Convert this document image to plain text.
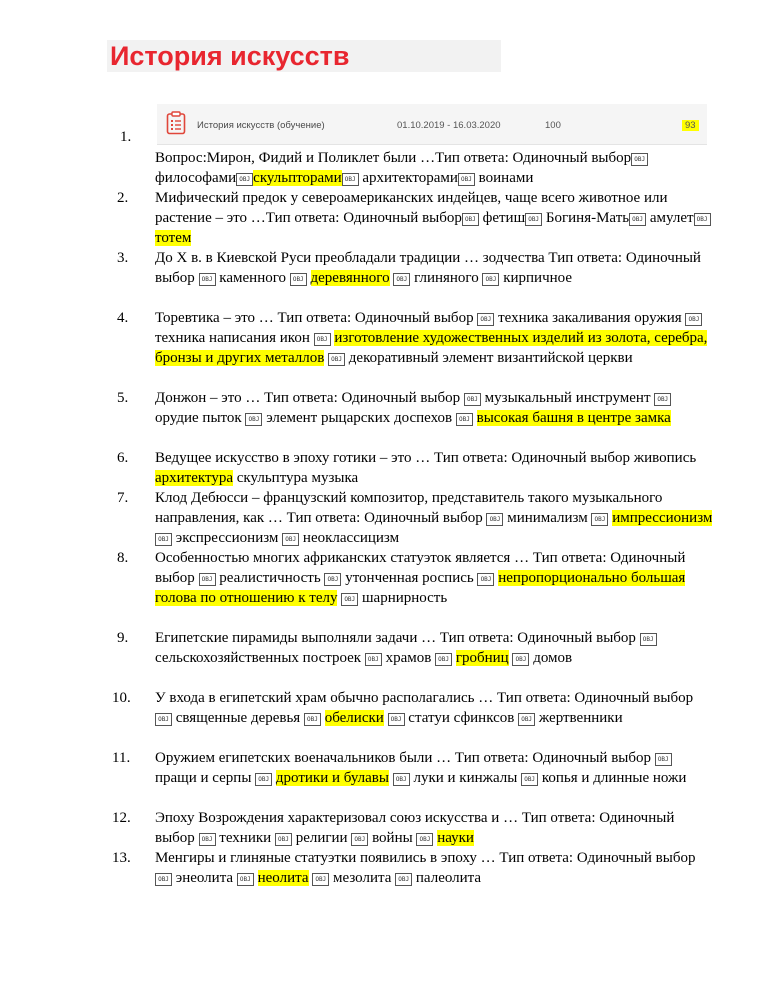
История искусств
История искусств (обучение)	01.10.2019 - 16.03.2020	100	93
1.
Вопрос:Мирон, Фидий и Поликлет были …Тип ответа: Одиночный выбор OBJ философами OBJ скульпторами OBJ архитекторами OBJ воинами
2. Мифический предок у североамериканских индейцев, чаще всего животное или растение – это …Тип ответа: Одиночный выбор OBJ фетиш OBJ Богиня-Мать OBJ амулет OBJ тотем
3. До X в. в Киевской Руси преобладали традиции … зодчества Тип ответа: Одиночный выбор OBJ каменного OBJ деревянного OBJ глиняного OBJ кирпичное
4. Торевтика – это … Тип ответа: Одиночный выбор OBJ техника закаливания оружия OBJ техника написания икон OBJ изготовление художественных изделий из золота, серебра, бронзы и других металлов OBJ декоративный элемент византийской церкви
5. Донжон – это … Тип ответа: Одиночный выбор OBJ музыкальный инструмент OBJ орудие пыток OBJ элемент рыцарских доспехов OBJ высокая башня в центре замка
6. Ведущее искусство в эпоху готики – это … Тип ответа: Одиночный выбор живопись архитектура скульптура музыка
7. Клод Дебюсси – французский композитор, представитель такого музыкального направления, как … Тип ответа: Одиночный выбор OBJ минимализм OBJ импрессионизм OBJ экспрессионизм OBJ неоклассицизм
8. Особенностью многих африканских статуэток является … Тип ответа: Одиночный выбор OBJ реалистичность OBJ утонченная роспись OBJ непропорционально большая голова по отношению к телу OBJ шарнирность
9. Египетские пирамиды выполняли задачи … Тип ответа: Одиночный выбор OBJ сельскохозяйственных построек OBJ храмов OBJ гробниц OBJ домов
10. У входа в египетский храм обычно располагались … Тип ответа: Одиночный выбор OBJ священные деревья OBJ обелиски OBJ статуи сфинксов OBJ жертвенники
11. Оружием египетских военачальников были … Тип ответа: Одиночный выбор OBJ пращи и серпы OBJ дротики и булавы OBJ луки и кинжалы OBJ копья и длинные ножи
12. Эпоху Возрождения характеризовал союз искусства и … Тип ответа: Одиночный выбор OBJ техники OBJ религии OBJ войны OBJ науки
13. Менгиры и глиняные статуэтки появились в эпоху … Тип ответа: Одиночный выбор OBJ энеолита OBJ неолита OBJ мезолита OBJ палеолита
